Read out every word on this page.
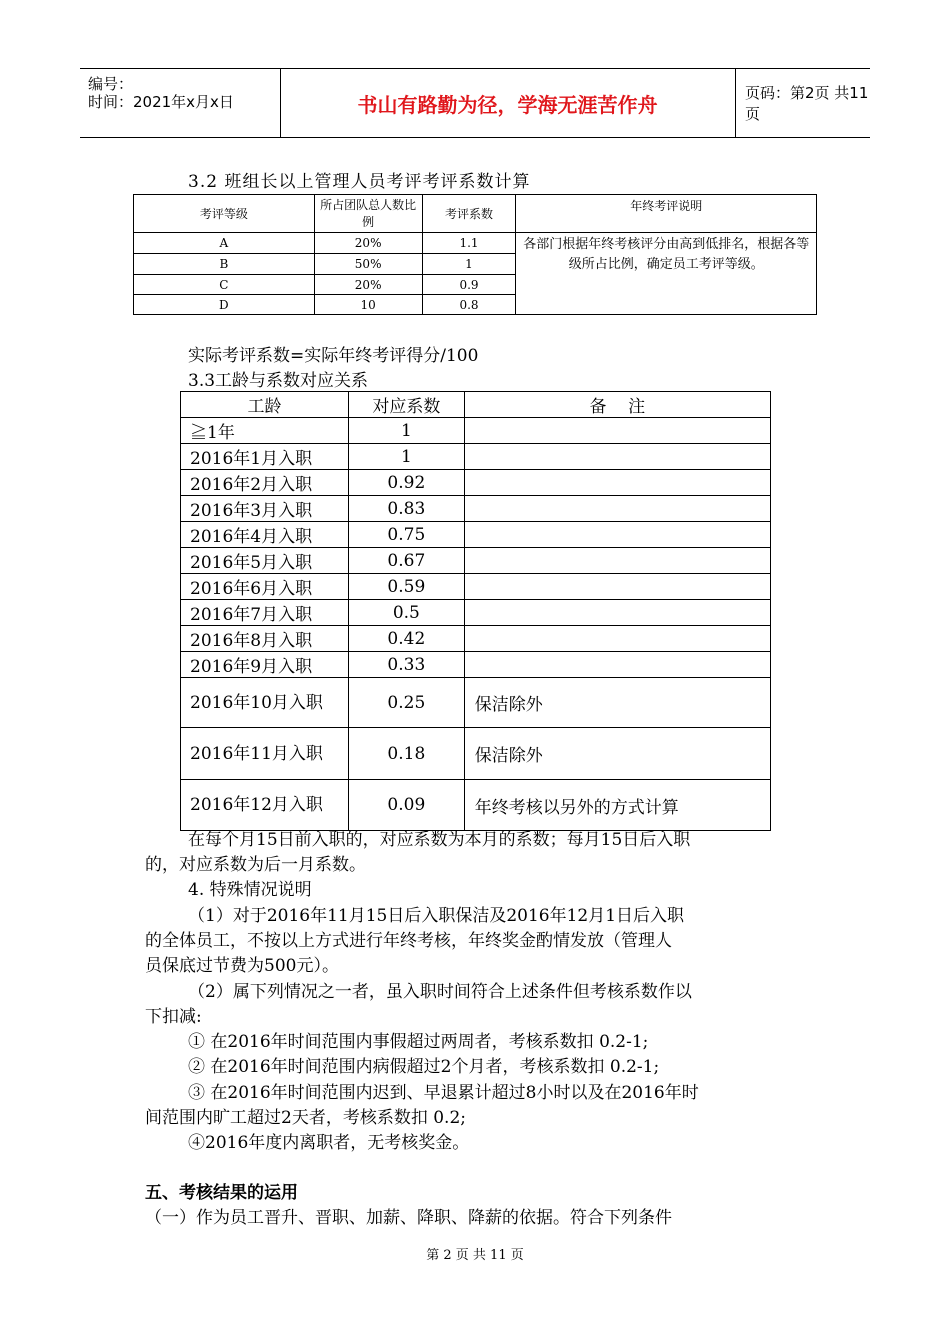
编号：
时间：2021年x月x日	书山有路勤为径，学海无涯苦作舟	页码：第2页 共11页
3.2 班组长以上管理人员考评考评系数计算
考评等级	所占团队总人数比例	考评系数	年终考评说明
A	20%	1.1	各部门根据年终考核评分由高到低排名，根据各等级所占比例，确定员工考评等级。
B	50%	1	
C	20%	0.9	
D	10	0.8	
实际考评系数=实际年终考评得分/100
3.3工龄与系数对应关系
工龄	对应系数	备    注
≧1年	1	
2016年1月入职	1	
2016年2月入职	0.92	
2016年3月入职	0.83	
2016年4月入职	0.75	
2016年5月入职	0.67	
2016年6月入职	0.59	
2016年7月入职	0.5	
2016年8月入职	0.42	
2016年9月入职	0.33	

2016年10月入职	0.25	保洁除外

2016年11月入职	0.18	保洁除外

2016年12月入职	0.09	年终考核以另外的方式计算
在每个月15日前入职的，对应系数为本月的系数；每月15日后入职
的，对应系数为后一月系数。
4. 特殊情况说明
（1）对于2016年11月15日后入职保洁及2016年12月1日后入职
的全体员工，不按以上方式进行年终考核，年终奖金酌情发放（管理人
员保底过节费为500元）。
（2）属下列情况之一者，虽入职时间符合上述条件但考核系数作以
下扣减:
① 在2016年时间范围内事假超过两周者，考核系数扣 0.2-1;
② 在2016年时间范围内病假超过2个月者，考核系数扣 0.2-1;
③ 在2016年时间范围内迟到、早退累计超过8小时以及在2016年时
间范围内旷工超过2天者，考核系数扣 0.2;
④2016年度内离职者，无考核奖金。
五、考核结果的运用
（一）作为员工晋升、晋职、加薪、降职、降薪的依据。符合下列条件
第 2 页 共 11 页
